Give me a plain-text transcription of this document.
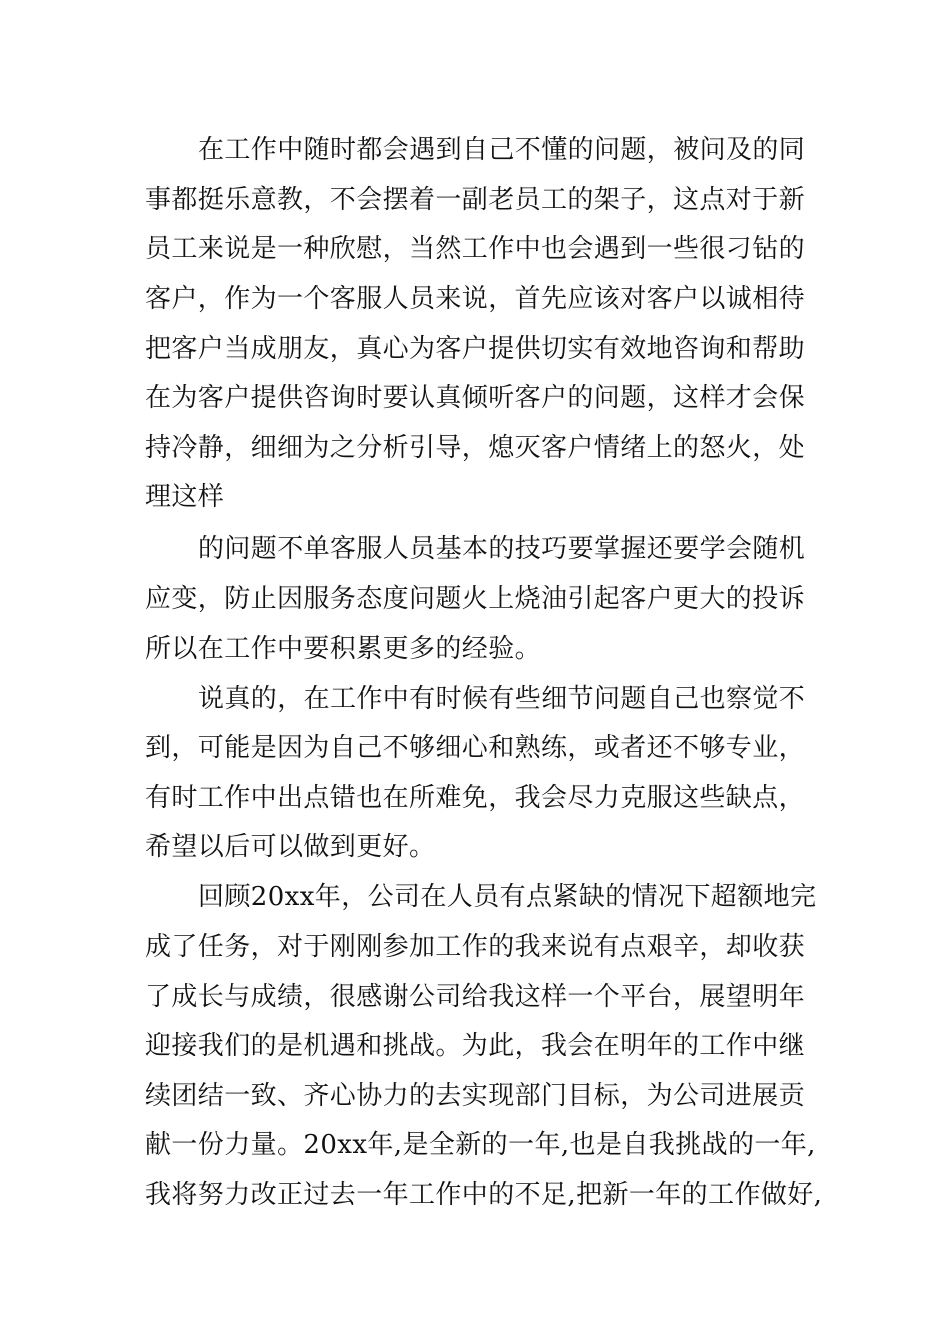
在工作中随时都会遇到自己不懂的问题，被问及的同
事都挺乐意教，不会摆着一副老员工的架子，这点对于新
员工来说是一种欣慰，当然工作中也会遇到一些很刁钻的
客户，作为一个客服人员来说，首先应该对客户以诚相待
把客户当成朋友，真心为客户提供切实有效地咨询和帮助
在为客户提供咨询时要认真倾听客户的问题，这样才会保
持冷静，细细为之分析引导，熄灭客户情绪上的怒火，处
理这样
的问题不单客服人员基本的技巧要掌握还要学会随机
应变，防止因服务态度问题火上烧油引起客户更大的投诉
所以在工作中要积累更多的经验。
说真的，在工作中有时候有些细节问题自己也察觉不
到，可能是因为自己不够细心和熟练，或者还不够专业，
有时工作中出点错也在所难免，我会尽力克服这些缺点，
希望以后可以做到更好。
回顾20xx年，公司在人员有点紧缺的情况下超额地完
成了任务，对于刚刚参加工作的我来说有点艰辛，却收获
了成长与成绩，很感谢公司给我这样一个平台，展望明年
迎接我们的是机遇和挑战。为此，我会在明年的工作中继
续团结一致、齐心协力的去实现部门目标，为公司进展贡
献一份力量。20xx年,是全新的一年,也是自我挑战的一年,
我将努力改正过去一年工作中的不足,把新一年的工作做好,
